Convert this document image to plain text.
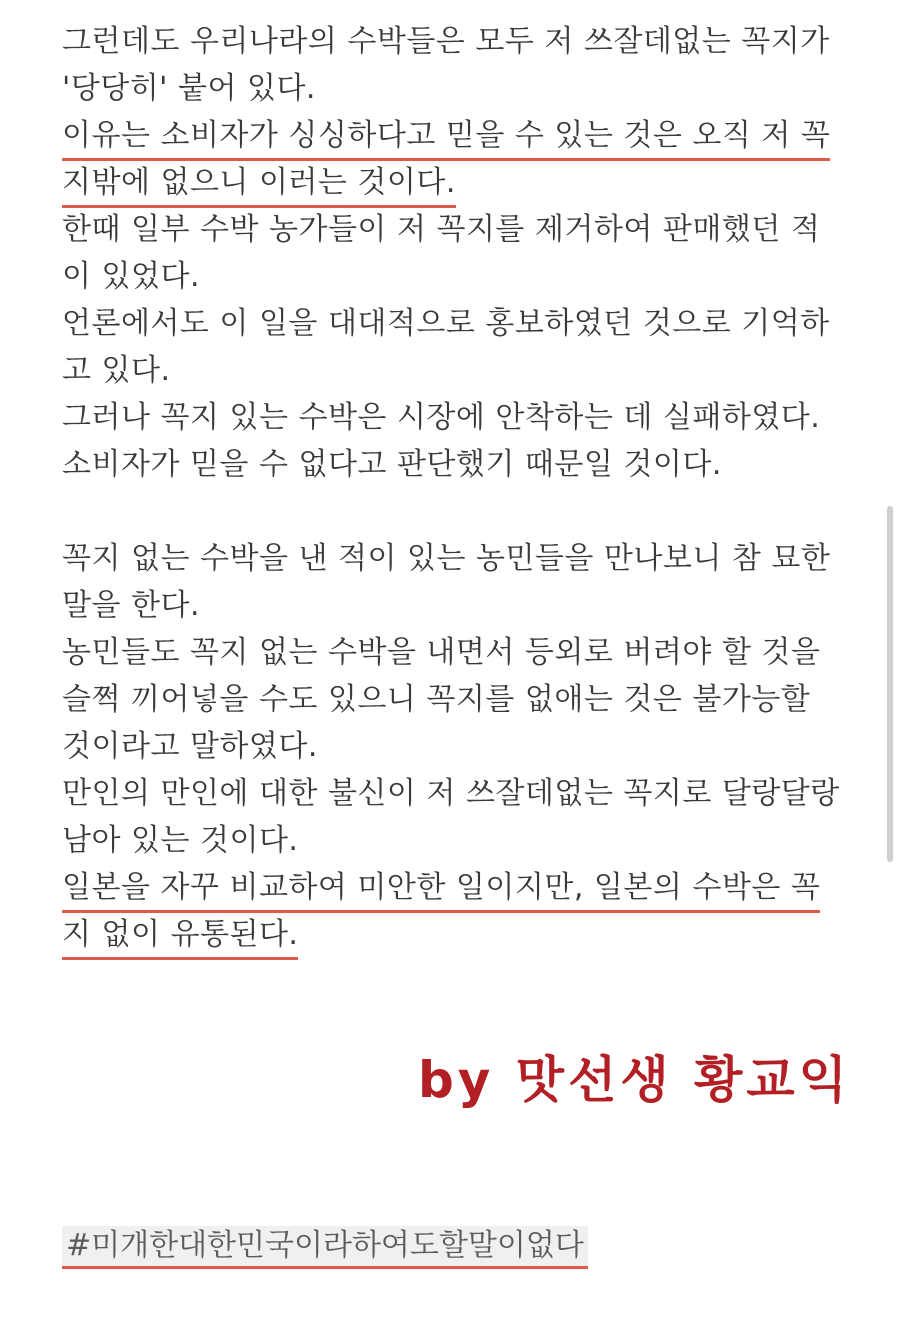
그런데도 우리나라의 수박들은 모두 저 쓰잘데없는 꼭지가
'당당히' 붙어 있다.
이유는 소비자가 싱싱하다고 믿을 수 있는 것은 오직 저 꼭
지밖에 없으니 이러는 것이다.
한때 일부 수박 농가들이 저 꼭지를 제거하여 판매했던 적
이 있었다.
언론에서도 이 일을 대대적으로 홍보하였던 것으로 기억하
고 있다.
그러나 꼭지 있는 수박은 시장에 안착하는 데 실패하였다.
소비자가 믿을 수 없다고 판단했기 때문일 것이다.
꼭지 없는 수박을 낸 적이 있는 농민들을 만나보니 참 묘한
말을 한다.
농민들도 꼭지 없는 수박을 내면서 등외로 버려야 할 것을
슬쩍 끼어넣을 수도 있으니 꼭지를 없애는 것은 불가능할
것이라고 말하였다.
만인의 만인에 대한 불신이 저 쓰잘데없는 꼭지로 달랑달랑
남아 있는 것이다.
일본을 자꾸 비교하여 미안한 일이지만, 일본의 수박은 꼭
지 없이 유통된다.
by 맛선생 황교익
#미개한대한민국이라하여도할말이없다
